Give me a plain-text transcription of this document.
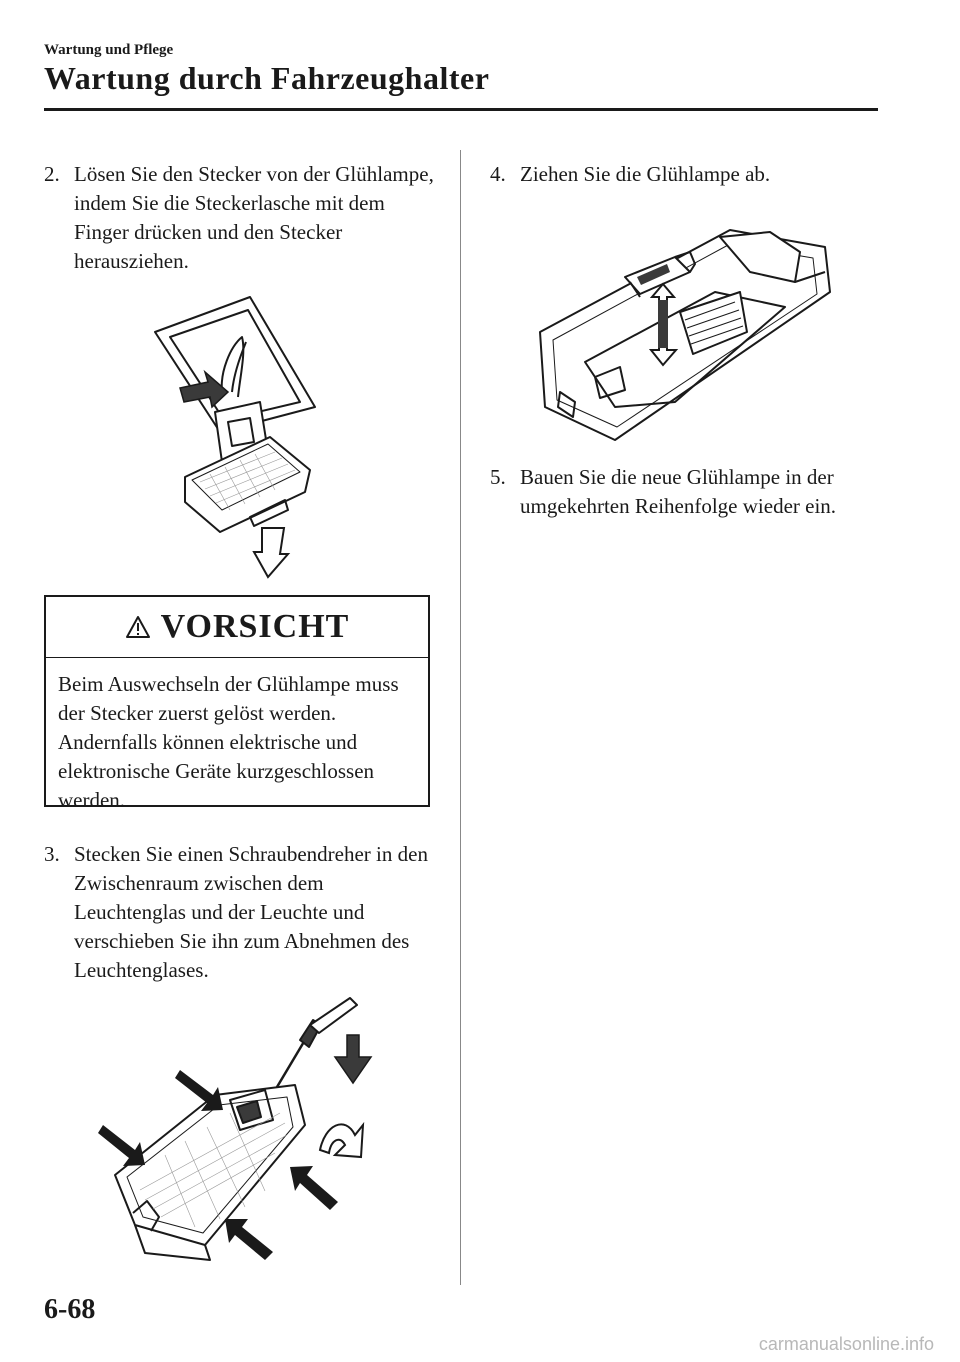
Wartung und Pflege
Wartung durch Fahrzeughalter
2. Lösen Sie den Stecker von der Glühlampe, indem Sie die Steckerlasche mit dem Finger drücken und den Stecker herausziehen.
VORSICHT
Beim Auswechseln der Glühlampe muss der Stecker zuerst gelöst werden. Andernfalls können elektrische und elektronische Geräte kurzgeschlossen werden.
3. Stecken Sie einen Schraubendreher in den Zwischenraum zwischen dem Leuchtenglas und der Leuchte und verschieben Sie ihn zum Abnehmen des Leuchtenglases.
4. Ziehen Sie die Glühlampe ab.
5. Bauen Sie die neue Glühlampe in der umgekehrten Reihenfolge wieder ein.
6-68
carmanualsonline.info
